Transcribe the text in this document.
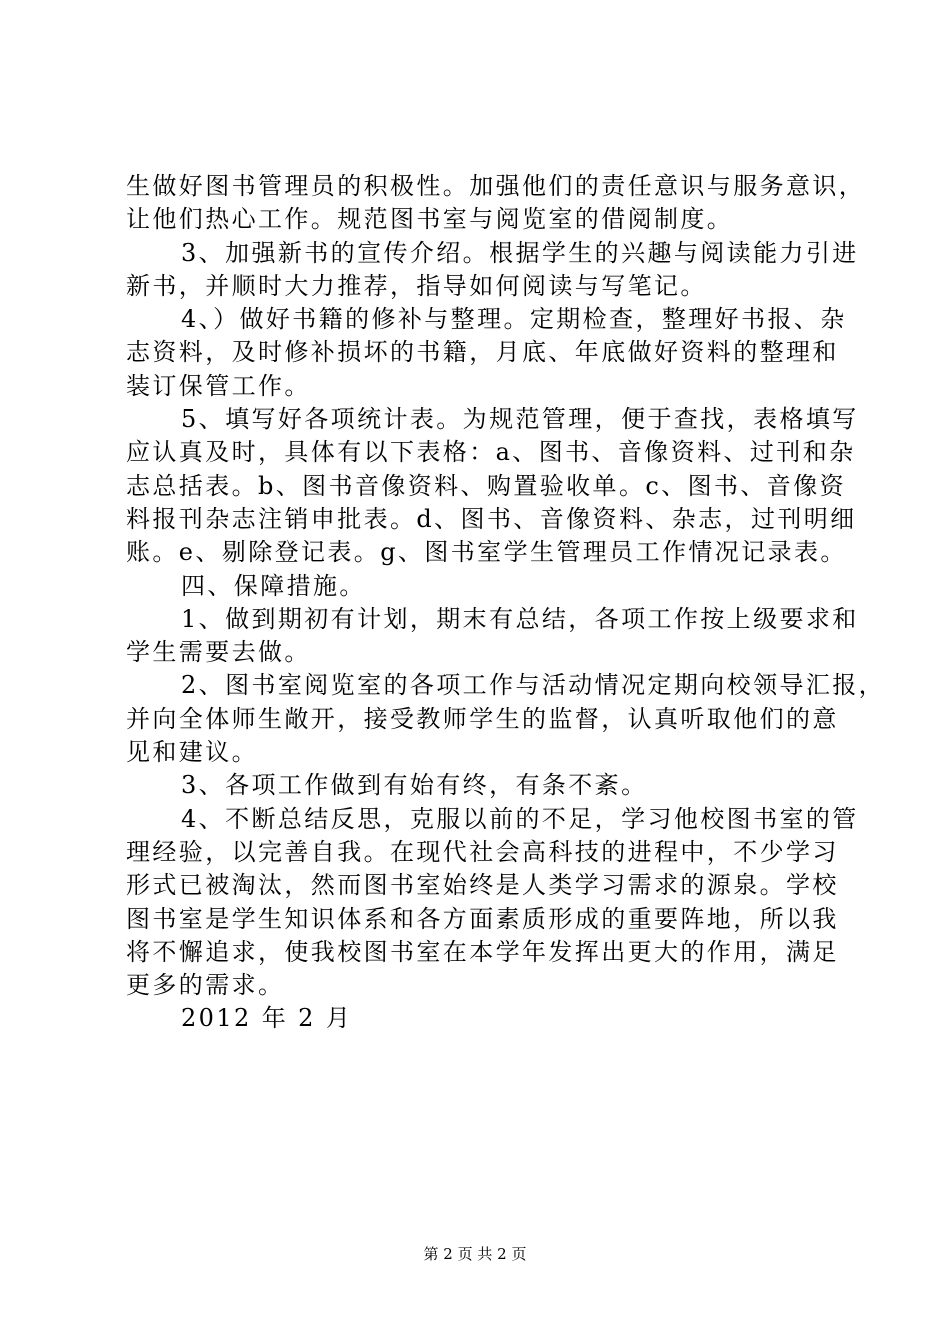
生做好图书管理员的积极性。加强他们的责任意识与服务意识，
让他们热心工作。规范图书室与阅览室的借阅制度。
3、加强新书的宣传介绍。根据学生的兴趣与阅读能力引进
新书，并顺时大力推荐，指导如何阅读与写笔记。
4、）做好书籍的修补与整理。定期检查，整理好书报、杂
志资料，及时修补损坏的书籍，月底、年底做好资料的整理和
装订保管工作。
5、填写好各项统计表。为规范管理，便于查找，表格填写
应认真及时，具体有以下表格：a、图书、音像资料、过刊和杂
志总括表。b、图书音像资料、购置验收单。c、图书、音像资
料报刊杂志注销申批表。d、图书、音像资料、杂志，过刊明细
账。e、剔除登记表。g、图书室学生管理员工作情况记录表。
四、保障措施。
1、做到期初有计划，期末有总结，各项工作按上级要求和
学生需要去做。
2、图书室阅览室的各项工作与活动情况定期向校领导汇报，
并向全体师生敞开，接受教师学生的监督，认真听取他们的意
见和建议。
3、各项工作做到有始有终，有条不紊。
4、不断总结反思，克服以前的不足，学习他校图书室的管
理经验，以完善自我。在现代社会高科技的进程中，不少学习
形式已被淘汰，然而图书室始终是人类学习需求的源泉。学校
图书室是学生知识体系和各方面素质形成的重要阵地，所以我
将不懈追求，使我校图书室在本学年发挥出更大的作用，满足
更多的需求。
2012 年 2 月
第 2 页 共 2 页
